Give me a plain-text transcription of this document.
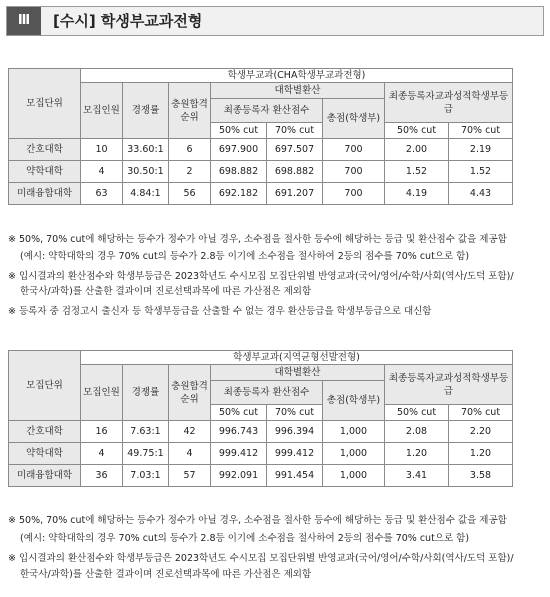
Ⅲ	[수시] 학생부교과전형
모집단위	학생부교과(CHA학생부교과전형)							
	모집인원	경쟁률	충원합격순위	대학별환산			최종등록자교과성적학생부등급	
				최종등록자 환산점수		총점(학생부)		
				50% cut	70% cut		50% cut	70% cut
간호대학	10	33.60:1	6	697.900	697.507	700	2.00	2.19
약학대학	4	30.50:1	2	698.882	698.882	700	1.52	1.52
미래융합대학	63	4.84:1	56	692.182	691.207	700	4.19	4.43
※ 50%, 70% cut에 해당하는 등수가 정수가 아닐 경우, 소수점을 절사한 등수에 해당하는 등급 및 환산점수 값을 제공함
(예시: 약학대학의 경우 70% cut의 등수가 2.8등 이기에 소수점을 절사하여 2등의 점수를 70% cut으로 함)
※ 입시결과의 환산점수와 학생부등급은 2023학년도 수시모집 모집단위별 반영교과(국어/영어/수학/사회(역사/도덕 포함)/
한국사/과학)를 산출한 결과이며 진로선택과목에 따른 가산점은 제외함
※ 등록자 중 검정고시 출신자 등 학생부등급을 산출할 수 없는 경우 환산등급을 학생부등급으로 대신함
모집단위	학생부교과(지역균형선발전형)							
	모집인원	경쟁률	충원합격순위	대학별환산			최종등록자교과성적학생부등급	
				최종등록자 환산점수		총점(학생부)		
				50% cut	70% cut		50% cut	70% cut
간호대학	16	7.63:1	42	996.743	996.394	1,000	2.08	2.20
약학대학	4	49.75:1	4	999.412	999.412	1,000	1.20	1.20
미래융합대학	36	7.03:1	57	992.091	991.454	1,000	3.41	3.58
※ 50%, 70% cut에 해당하는 등수가 정수가 아닐 경우, 소수점을 절사한 등수에 해당하는 등급 및 환산점수 값을 제공함
(예시: 약학대학의 경우 70% cut의 등수가 2.8등 이기에 소수점을 절사하여 2등의 점수를 70% cut으로 함)
※ 입시결과의 환산점수와 학생부등급은 2023학년도 수시모집 모집단위별 반영교과(국어/영어/수학/사회(역사/도덕 포함)/
한국사/과학)를 산출한 결과이며 진로선택과목에 따른 가산점은 제외함
